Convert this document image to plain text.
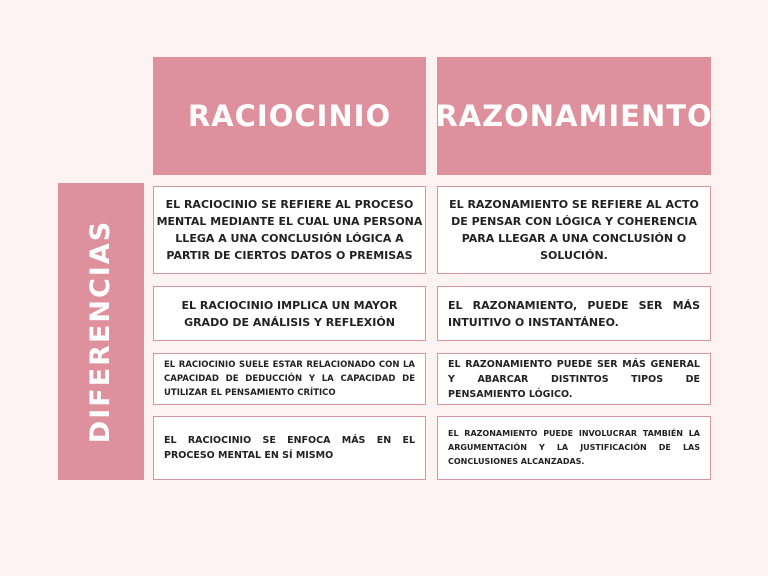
RACIOCINIO	RAZONAMIENTO
DIFERENCIAS

EL RACIOCINIO SE REFIERE AL PROCESO MENTAL MEDIANTE EL CUAL UNA PERSONA LLEGA A UNA CONCLUSIÓN LÓGICA A PARTIR DE CIERTOS DATOS O PREMISAS

EL RAZONAMIENTO SE REFIERE AL ACTO DE PENSAR CON LÓGICA Y COHERENCIA PARA LLEGAR A UNA CONCLUSIÓN O SOLUCIÓN.

EL RACIOCINIO IMPLICA UN MAYOR GRADO DE ANÁLISIS Y REFLEXIÓN

EL RAZONAMIENTO, PUEDE SER MÁS INTUITIVO O INSTANTÁNEO.

EL RACIOCINIO SUELE ESTAR RELACIONADO CON LA CAPACIDAD DE DEDUCCIÓN Y LA CAPACIDAD DE UTILIZAR EL PENSAMIENTO CRÍTICO

EL RAZONAMIENTO PUEDE SER MÁS GENERAL Y ABARCAR DISTINTOS TIPOS DE PENSAMIENTO LÓGICO.

EL RACIOCINIO SE ENFOCA MÁS EN EL PROCESO MENTAL EN SÍ MISMO

EL RAZONAMIENTO PUEDE INVOLUCRAR TAMBIÉN LA ARGUMENTACIÓN Y LA JUSTIFICACIÓN DE LAS CONCLUSIONES ALCANZADAS.
